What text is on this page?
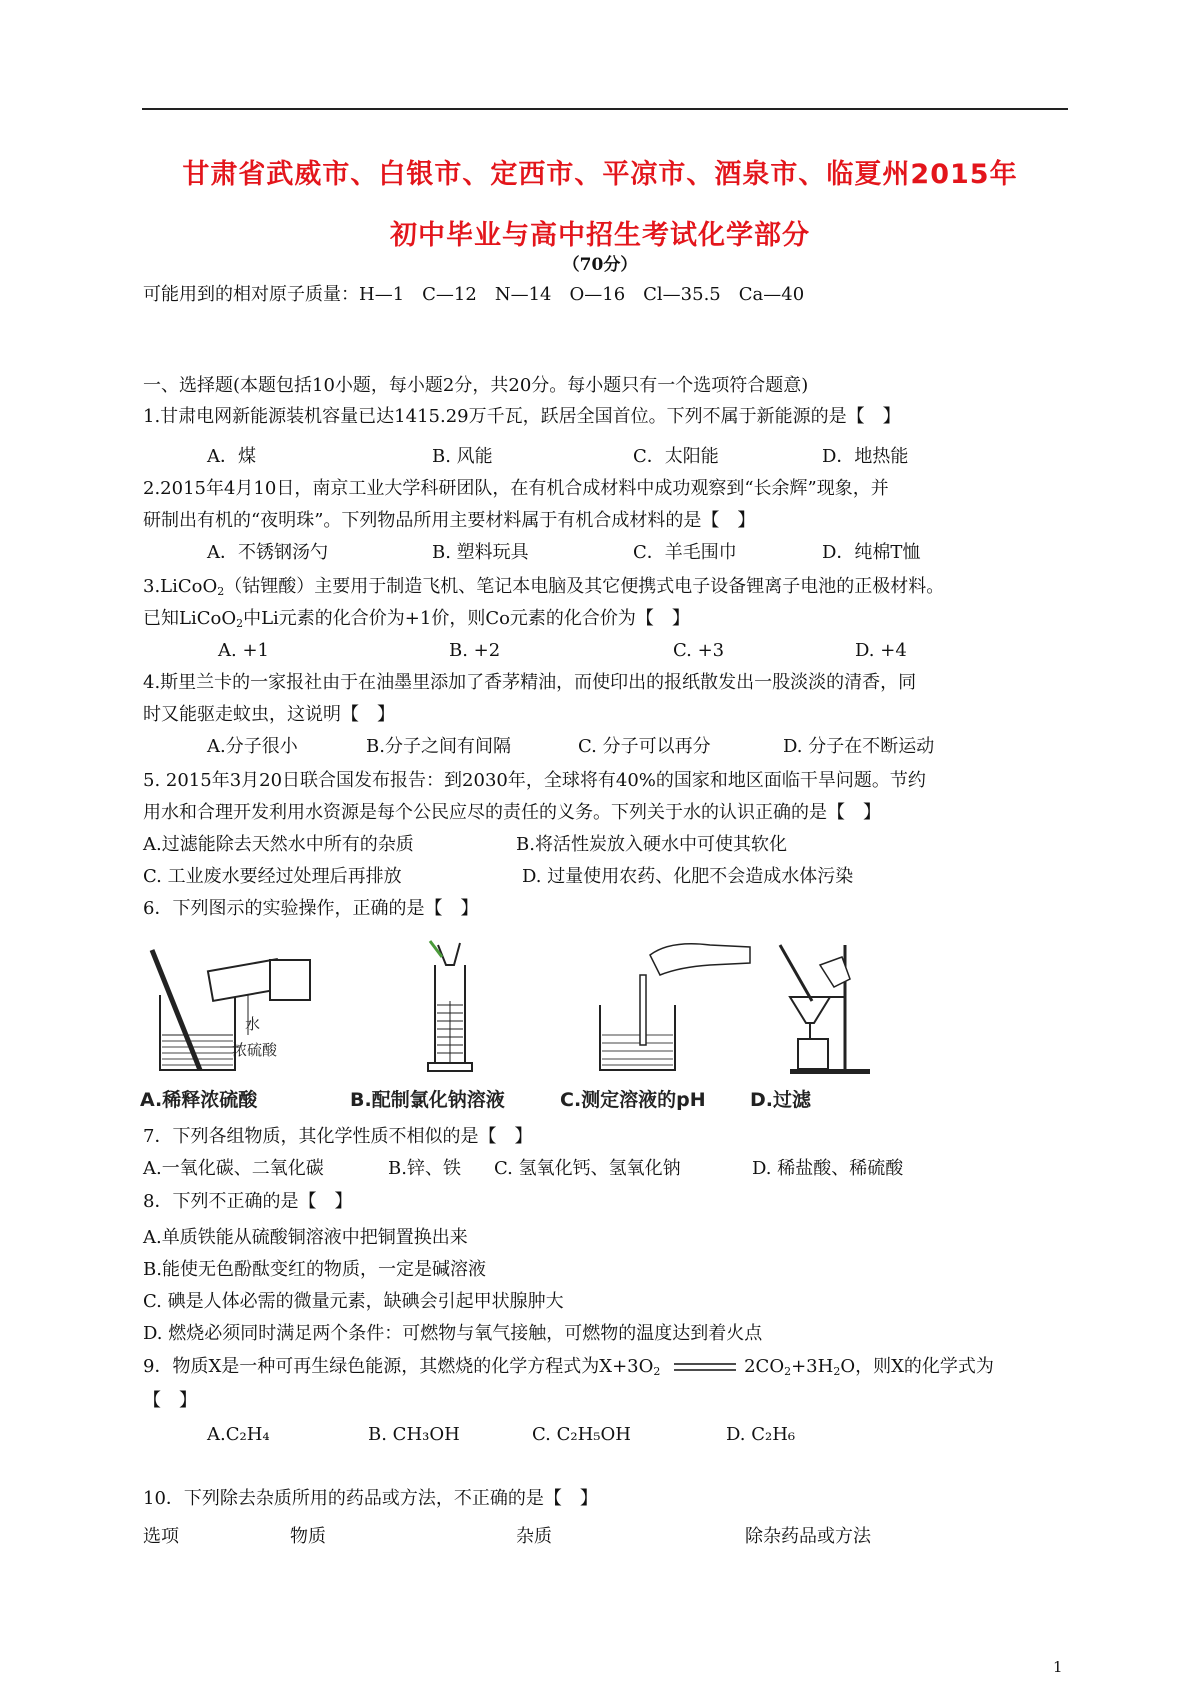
甘肃省武威市、白银市、定西市、平凉市、酒泉市、临夏州2015年
初中毕业与高中招生考试化学部分
（70分）
可能用到的相对原子质量：H—1　C—12　N—14　O—16　Cl—35.5　Ca—40
一、选择题(本题包括10小题，每小题2分，共20分。每小题只有一个选项符合题意)
1.甘肃电网新能源装机容量已达1415.29万千瓦，跃居全国首位。下列不属于新能源的是【　】
A．煤	B. 风能	C．太阳能	D．地热能
2.2015年4月10日，南京工业大学科研团队，在有机合成材料中成功观察到“长余辉”现象，并
研制出有机的“夜明珠”。下列物品所用主要材料属于有机合成材料的是【　】
A．不锈钢汤勺	B. 塑料玩具	C．羊毛围巾	D．纯棉T恤
3.LiCoO$_2$（钴锂酸）主要用于制造飞机、笔记本电脑及其它便携式电子设备锂离子电池的正极材料。
已知LiCoO$_2$中Li元素的化合价为+1价，则Co元素的化合价为【　】
A. +1	B. +2	C. +3	D. +4
4.斯里兰卡的一家报社由于在油墨里添加了香茅精油，而使印出的报纸散发出一股淡淡的清香，同
时又能驱走蚊虫，这说明【　】
A.分子很小	B.分子之间有间隔	C. 分子可以再分	D. 分子在不断运动
5. 2015年3月20日联合国发布报告：到2030年，全球将有40%的国家和地区面临干旱问题。节约
用水和合理开发利用水资源是每个公民应尽的责任的义务。下列关于水的认识正确的是【　】
A.过滤能除去天然水中所有的杂质	B.将活性炭放入硬水中可使其软化
C. 工业废水要经过处理后再排放	D. 过量使用农药、化肥不会造成水体污染
6．下列图示的实验操作，正确的是【　】
水
浓硫酸
A.稀释浓硫酸	B.配制氯化钠溶液	C.测定溶液的pH D.过滤
7．下列各组物质，其化学性质不相似的是【　】
A.一氧化碳、二氧化碳	B.锌、铁 C. 氢氧化钙、氢氧化钠	D. 稀盐酸、稀硫酸
8．下列不正确的是【　】
A.单质铁能从硫酸铜溶液中把铜置换出来
B.能使无色酚酞变红的物质，一定是碱溶液
C. 碘是人体必需的微量元素，缺碘会引起甲状腺肿大
D. 燃烧必须同时满足两个条件：可燃物与氧气接触，可燃物的温度达到着火点
9．物质X是一种可再生绿色能源，其燃烧的化学方程式为$X+3O_2$	$2CO_2+3H_2O$，则X的化学式为
【　】
A.C₂H₄	B. CH₃OH	C. C₂H₅OH	D. C₂H₆
10．下列除去杂质所用的药品或方法，不正确的是【　】
选项	物质	杂质	除杂药品或方法
1
